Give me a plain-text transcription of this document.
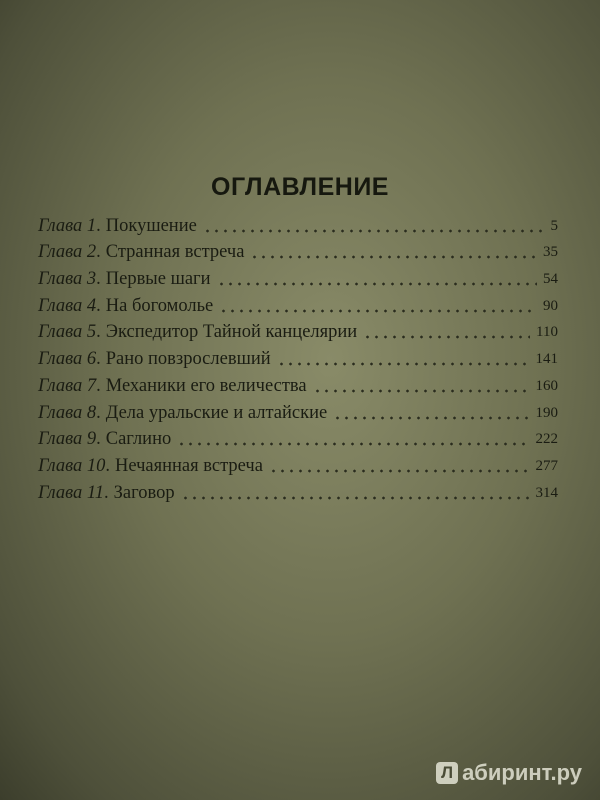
ОГЛАВЛЕНИЕ
Глава 1. Покушение	5
Глава 2. Странная встреча	35
Глава 3. Первые шаги	54
Глава 4. На богомолье	90
Глава 5. Экспедитор Тайной канцелярии	110
Глава 6. Рано повзрослевший	141
Глава 7. Механики его величества	160
Глава 8. Дела уральские и алтайские	190
Глава 9. Саглино	222
Глава 10. Нечаянная встреча	277
Глава 11. Заговор	314
Л абиринт.ру
